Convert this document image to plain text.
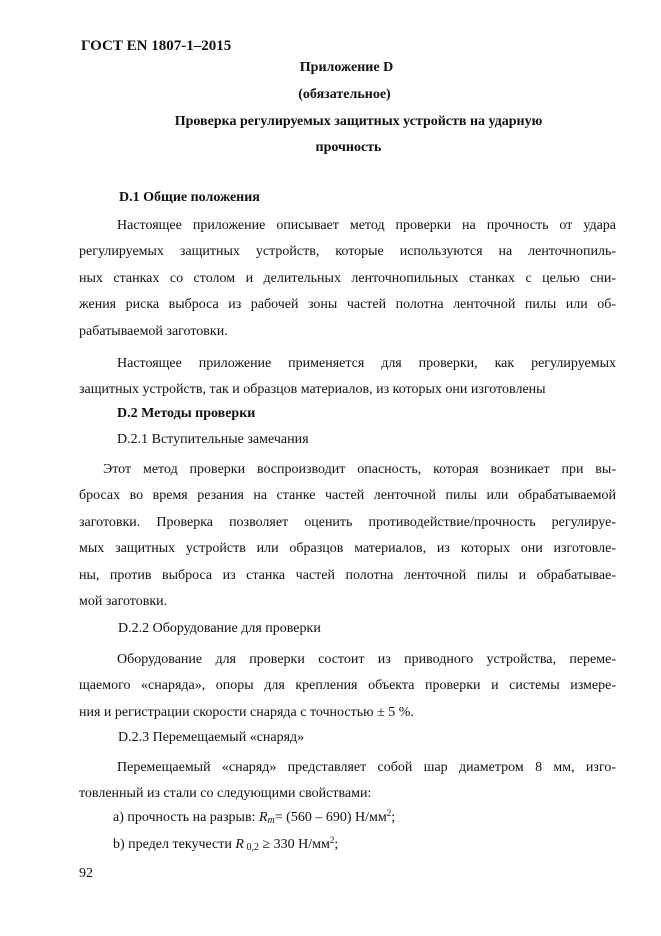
ГОСТ EN 1807-1–2015

Приложение D

(обязательное)

Проверка регулируемых защитных устройств на ударную

прочность

D.1 Общие положения

Настоящее приложение описывает метод проверки на прочность от удара
регулируемых защитных устройств, которые используются на ленточнопиль-
ных станках со столом и делительных ленточнопильных станках с целью сни-
жения риска выброса из рабочей зоны частей полотна ленточной пилы или об-
рабатываемой заготовки.
Настоящее приложение применяется для проверки, как регулируемых
защитных устройств, так и образцов материалов, из которых они изготовлены

D.2 Методы проверки

D.2.1 Вступительные замечания

Этот метод проверки воспроизводит опасность, которая возникает при вы-
бросах во время резания на станке частей ленточной пилы или обрабатываемой
заготовки. Проверка позволяет оценить противодействие/прочность регулируе-
мых защитных устройств или образцов материалов, из которых они изготовле-
ны, против выброса из станка частей полотна ленточной пилы и обрабатывае-
мой заготовки.

D.2.2 Оборудование для проверки

Оборудование для проверки состоит из приводного устройства, переме-
щаемого «снаряда», опоры для крепления объекта проверки и системы измере-
ния и регистрации скорости снаряда с точностью ± 5 %.

D.2.3 Перемещаемый «снаряд»

Перемещаемый «снаряд» представляет собой шар диаметром 8 мм, изго-
товленный из стали со следующими свойствами:

a) прочность на разрыв: $R_m= (560 - 690)$ $Н/мм^2$;

b) предел текучести R $_{0,2}$ ≥ 330 $Н/мм^2$;

92
